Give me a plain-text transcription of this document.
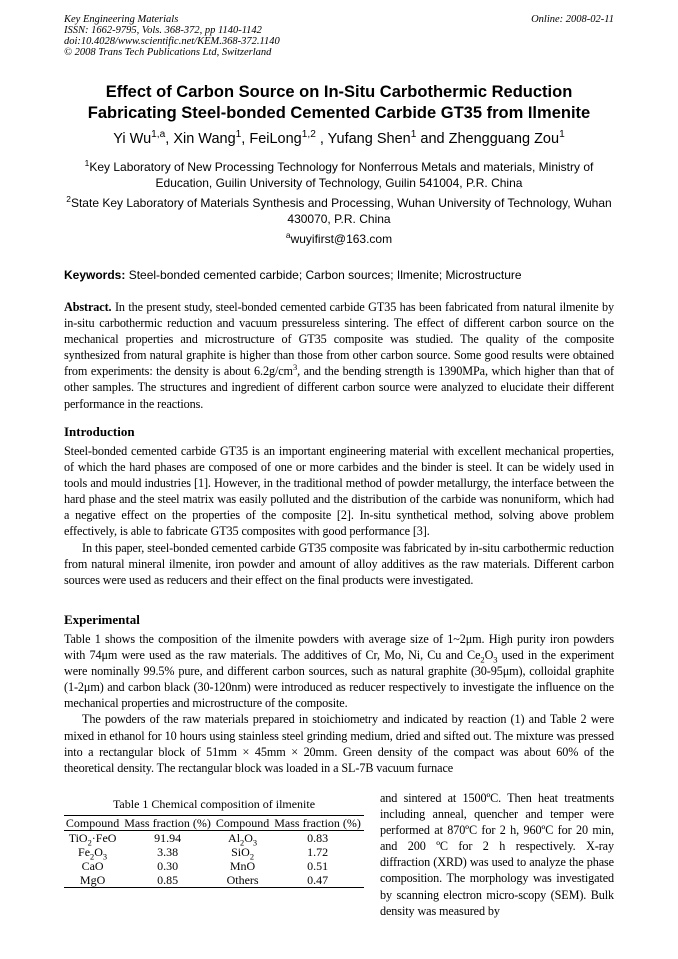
Key Engineering Materials
ISSN: 1662-9795, Vols. 368-372, pp 1140-1142
doi:10.4028/www.scientific.net/KEM.368-372.1140
© 2008 Trans Tech Publications Ltd, Switzerland
Online: 2008-02-11
Effect of Carbon Source on In-Situ Carbothermic Reduction
Fabricating Steel-bonded Cemented Carbide GT35 from Ilmenite
Yi Wu$^{1,a}$, Xin Wang$^1$, FeiLong$^{1,2}$ , Yufang Shen$^1$ and Zhengguang Zou$^1$
$^1$Key Laboratory of New Processing Technology for Nonferrous Metals and materials, Ministry of Education, Guilin University of Technology, Guilin 541004, P.R. China
$^2$State Key Laboratory of Materials Synthesis and Processing, Wuhan University of Technology, Wuhan 430070, P.R. China
$^a$wuyifirst@163.com
Keywords: Steel-bonded cemented carbide; Carbon sources; Ilmenite; Microstructure
Abstract. In the present study, steel-bonded cemented carbide GT35 has been fabricated from natural ilmenite by in-situ carbothermic reduction and vacuum pressureless sintering. The effect of different carbon source on the mechanical properties and microstructure of GT35 composite was studied. The quality of the composite synthesized from natural graphite is higher than those from other carbon source. Some good results were obtained from experiments: the density is about $6.2g/cm^3$, and the bending strength is 1390MPa, which higher than that of other samples. The structures and ingredient of different carbon source were analyzed to elucidate their different performance in the reactions.
Introduction
Steel-bonded cemented carbide GT35 is an important engineering material with excellent mechanical properties, of which the hard phases are composed of one or more carbides and the binder is steel. It can be widely used in tools and mould industries [1]. However, in the traditional method of powder metallurgy, the interface between the hard phase and the steel matrix was easily polluted and the distribution of the carbide was nonuniform, which had a negative effect on the properties of the composite [2]. In-situ synthetical method, solving above problem effectively, is able to fabricate GT35 composites with good performance [3].
In this paper, steel-bonded cemented carbide GT35 composite was fabricated by in-situ carbothermic reduction from natural mineral ilmenite, iron powder and amount of alloy additives as the raw materials. Different carbon sources were used as reducers and their effect on the final products were investigated.
Experimental
Table 1 shows the composition of the ilmenite powders with average size of 1~2μm. High purity iron powders with 74μm were used as the raw materials. The additives of Cr, Mo, Ni, Cu and $Ce_2O_3$ used in the experiment were nominally 99.5% pure, and different carbon sources, such as natural graphite (30-95μm), colloidal graphite (1-2μm) and carbon black (30-120nm) were introduced as reducer respectively to investigate the influence on the mechanical properties and microstructure of the composite.
The powders of the raw materials prepared in stoichiometry and indicated by reaction (1) and Table 2 were mixed in ethanol for 10 hours using stainless steel grinding medium, dried and sifted out. The mixture was pressed into a rectangular block of 51mm × 45mm × 20mm. Green density of the compact was about 60% of the theoretical density. The rectangular block was loaded in a SL-7B vacuum furnace
Table 1 Chemical composition of ilmenite
Compound	Mass fraction (%)	Compound	Mass fraction (%)
TiO$_2$·FeO	91.94	$Al_2O_3$	0.83
$Fe_2O_3$	3.38	SiO$_2$	1.72
CaO	0.30	MnO	0.51
MgO	0.85	Others	0.47
and sintered at 1500ºC. Then heat treatments including anneal, quencher and temper were performed at 870ºC for 2 h, 960ºC for 20 min, and 200 ºC for 2 h respectively. X-ray diffraction (XRD) was used to analyze the phase composition. The morphology was investigated by scanning electron micro-scopy (SEM). Bulk density was measured by
